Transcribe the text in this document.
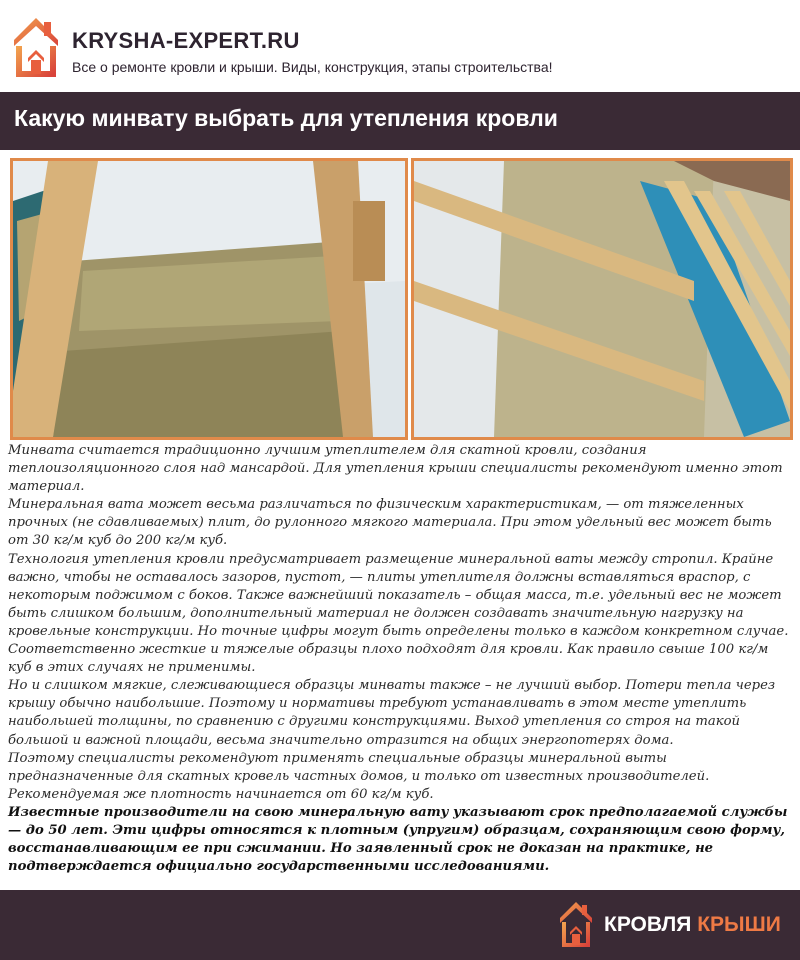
KRYSHA-EXPERT.RU
Все о ремонте кровли и крыши. Виды, конструкция, этапы строительства!
Какую минвату выбрать для утепления кровли

Минвата считается традиционно лучшим утеплителем для скатной кровли, создания теплоизоляционного слоя над мансардой. Для утепления крыши специалисты рекомендуют именно этот материал.

Минеральная вата может весьма различаться по физическим характеристикам, — от тяжеленных прочных (не сдавливаемых) плит, до рулонного мягкого материала. При этом удельный вес может быть от 30 кг/м куб до 200 кг/м куб.

Технология утепления кровли предусматривает размещение минеральной ваты между стропил. Крайне важно, чтобы не оставалось зазоров, пустот, — плиты утеплителя должны вставляться враспор, с некоторым поджимом с боков. Также важнейший показатель – общая масса, т.е. удельный вес не может быть слишком большим, дополнительный материал не должен создавать значительную нагрузку на кровельные конструкции. Но точные цифры могут быть определены только в каждом конкретном случае. Соответственно жесткие и тяжелые образцы плохо подходят для кровли. Как правило свыше 100 кг/м куб в этих случаях не применимы.

Но и слишком мягкие, слеживающиеся образцы минваты также – не лучший выбор. Потери тепла через крышу обычно наибольшие. Поэтому и нормативы требуют устанавливать в этом месте утеплить наибольшей толщины, по сравнению с другими конструкциями. Выход утепления со строя на такой большой и важной площади, весьма значительно отразится на общих энергопотерях дома.

Поэтому специалисты рекомендуют применять специальные образцы минеральной выты предназначенные для скатных кровель частных домов, и только от известных производителей. Рекомендуемая же плотность начинается от 60 кг/м куб.

Известные производители на свою минеральную вату указывают срок предполагаемой службы — до 50 лет. Эти цифры относятся к плотным (упругим) образцам, сохраняющим свою форму, восстанавливающим ее при сжимании. Но заявленный срок не доказан на практике, не подтверждается официально государственными исследованиями.

КРОВЛЯ КРЫШИ
